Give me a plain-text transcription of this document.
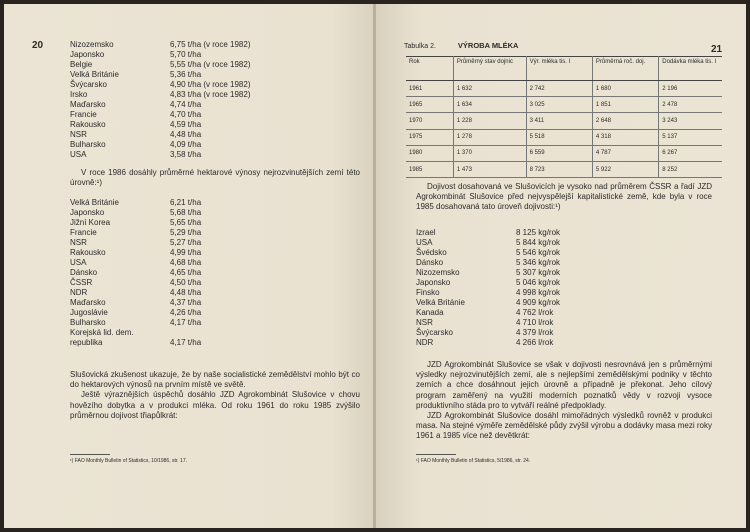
20	Nizozemsko	6,75 t/ha (v roce 1982)
Japonsko	5,70 t/ha
Belgie	5,55 t/ha (v roce 1982)
Velká Británie	5,36 t/ha
Švýcarsko	4,90 t/ha (v roce 1982)
Irsko	4,83 t/ha (v roce 1982)
Maďarsko	4,74 t/ha
Francie	4,70 t/ha
Rakousko	4,59 t/ha
NSR	4,48 t/ha
Bulharsko	4,09 t/ha
USA	3,58 t/ha

V roce 1986 dosáhly průměrné hektarové výnosy nejrozvinutějších zemí této úrovně:¹)

Velká Británie	6,21 t/ha
Japonsko	5,68 t/ha
Jižní Korea	5,65 t/ha
Francie	5,29 t/ha
NSR	5,27 t/ha
Rakousko	4,99 t/ha
USA	4,68 t/ha
Dánsko	4,65 t/ha
ČSSR	4,50 t/ha
NDR	4,48 t/ha
Maďarsko	4,37 t/ha
Jugoslávie	4,26 t/ha
Bulharsko	4,17 t/ha
Korejská lid. dem.
republika	4,17 t/ha

Slušovická zkušenost ukazuje, že by naše socialistické zemědělství mohlo být co do hektarových výnosů na prvním místě ve světě.

Ještě výraznějších úspěchů dosáhlo JZD Agrokombinát Slušovice v chovu hovězího dobytka a v produkci mléka. Od roku 1961 do roku 1985 zvýšilo průměrnou dojivost třiapůlkrát:

¹) FAO Monthly Bulletin of Statistics, 10/1986, str. 17.
Tabulka 2.	VÝROBA MLÉKA	21
Rok	Průměrný stav dojnic	Výr. mléka tis. l	Průměrná roč. doj.	Dodávka mléka tis. l
1961	1 632	2 742	1 680	2 196
1965	1 634	3 025	1 851	2 478
1970	1 228	3 411	2 648	3 243
1975	1 278	5 518	4 318	5 137
1980	1 370	6 559	4 787	6 267
1985	1 473	8 723	5 922	8 252

Dojivost dosahovaná ve Slušovicích je vysoko nad průměrem ČSSR a řadí JZD Agrokombinát Slušovice před nejvyspělejší kapitalistické země, kde byla v roce 1985 dosahovaná tato úroveň dojivosti:¹)

Izrael	8 125 kg/rok
USA	5 844 kg/rok
Švédsko	5 546 kg/rok
Dánsko	5 346 kg/rok
Nizozemsko	5 307 kg/rok
Japonsko	5 046 kg/rok
Finsko	4 998 kg/rok
Velká Británie	4 909 kg/rok
Kanada	4 762 l/rok
NSR	4 710 l/rok
Švýcarsko	4 379 l/rok
NDR	4 266 l/rok

JZD Agrokombinát Slušovice se však v dojivosti nesrovnává jen s průměrnými výsledky nejrozvinutějších zemí, ale s nejlepšími zemědělskými podniky v těchto zemích a chce dosáhnout jejich úrovně a případně je překonat. Jeho cílový program zaměřený na využití moderních poznatků vědy v rozvoji vysoce produktivního stáda pro to vytváří reálné předpoklady.

JZD Agrokombinát Slušovice dosáhl mimořádných výsledků rovněž v produkci masa. Na stejné výměře zemědělské půdy zvýšil výrobu a dodávky masa mezi roky 1961 a 1985 více než devětkrát:

¹) FAO Monthly Bulletin of Statistics, 5/1986, str. 24.
